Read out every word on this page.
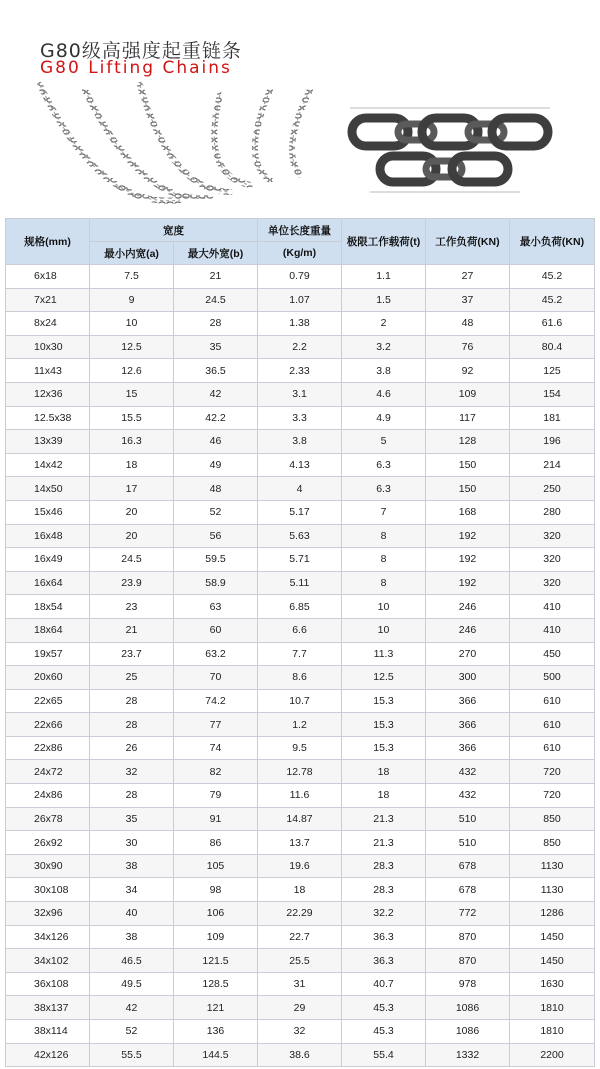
G80级高强度起重链条
G80 Lifting Chains
规格(mm)	宽度		单位长度重量	极限工作载荷(t)	工作负荷(KN)	最小负荷(KN)
	最小内宽(a)	最大外宽(b)	(Kg/m)			
6x18	7.5	21	0.79	1.1	27	45.2
7x21	9	24.5	1.07	1.5	37	45.2
8x24	10	28	1.38	2	48	61.6
10x30	12.5	35	2.2	3.2	76	80.4
11x43	12.6	36.5	2.33	3.8	92	125
12x36	15	42	3.1	4.6	109	154
12.5x38	15.5	42.2	3.3	4.9	117	181
13x39	16.3	46	3.8	5	128	196
14x42	18	49	4.13	6.3	150	214
14x50	17	48	4	6.3	150	250
15x46	20	52	5.17	7	168	280
16x48	20	56	5.63	8	192	320
16x49	24.5	59.5	5.71	8	192	320
16x64	23.9	58.9	5.11	8	192	320
18x54	23	63	6.85	10	246	410
18x64	21	60	6.6	10	246	410
19x57	23.7	63.2	7.7	11.3	270	450
20x60	25	70	8.6	12.5	300	500
22x65	28	74.2	10.7	15.3	366	610
22x66	28	77	1.2	15.3	366	610
22x86	26	74	9.5	15.3	366	610
24x72	32	82	12.78	18	432	720
24x86	28	79	11.6	18	432	720
26x78	35	91	14.87	21.3	510	850
26x92	30	86	13.7	21.3	510	850
30x90	38	105	19.6	28.3	678	1130
30x108	34	98	18	28.3	678	1130
32x96	40	106	22.29	32.2	772	1286
34x126	38	109	22.7	36.3	870	1450
34x102	46.5	121.5	25.5	36.3	870	1450
36x108	49.5	128.5	31	40.7	978	1630
38x137	42	121	29	45.3	1086	1810
38x114	52	136	32	45.3	1086	1810
42x126	55.5	144.5	38.6	55.4	1332	2200
